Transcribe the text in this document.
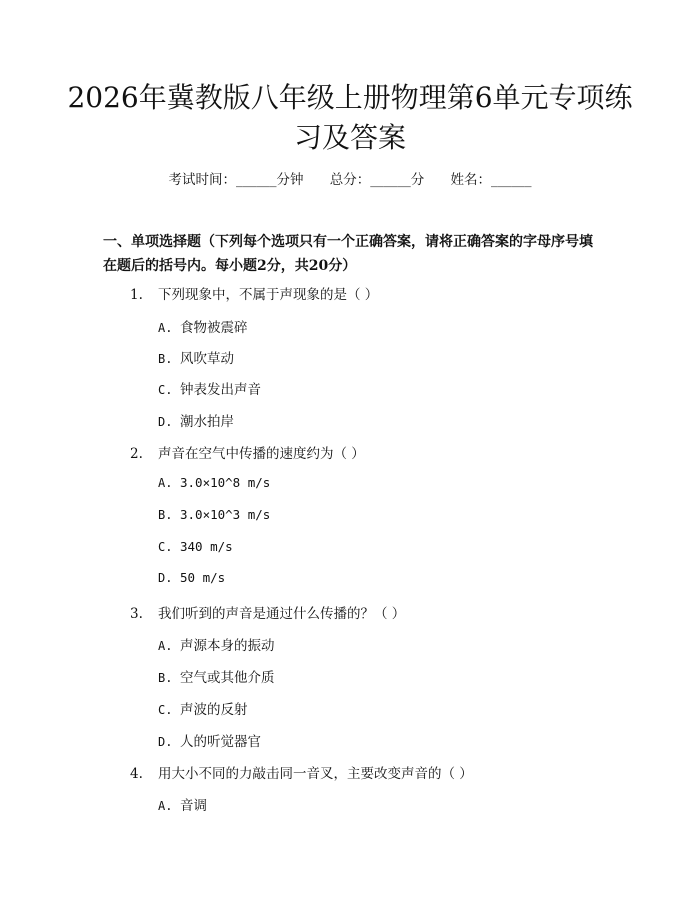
2026年冀教版八年级上册物理第6单元专项练习及答案
考试时间：______分钟 总分：______分 姓名：______

一、单项选择题（下列每个选项只有一个正确答案，请将正确答案的字母序号填在题后的括号内。每小题2分，共20分）

1. 下列现象中，不属于声现象的是（ ）
A. 食物被震碎
B. 风吹草动
C. 钟表发出声音
D. 潮水拍岸
2. 声音在空气中传播的速度约为（ ）
A. 3.0×10^8 m/s
B. 3.0×10^3 m/s
C. 340 m/s
D. 50 m/s
3. 我们听到的声音是通过什么传播的？（ ）
A. 声源本身的振动
B. 空气或其他介质
C. 声波的反射
D. 人的听觉器官
4. 用大小不同的力敲击同一音叉，主要改变声音的（ ）
A. 音调
